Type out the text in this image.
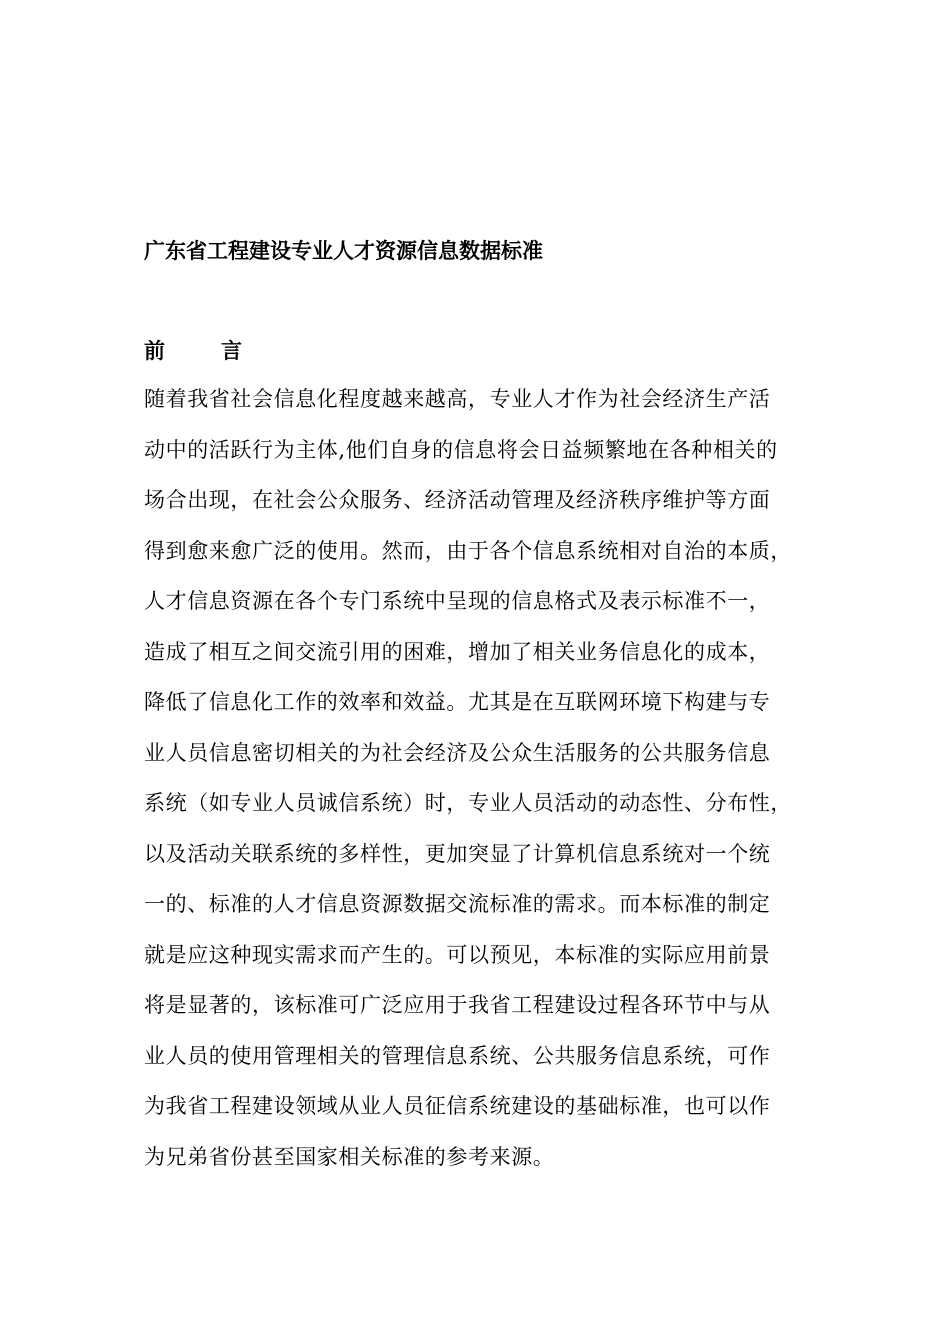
广东省工程建设专业人才资源信息数据标准
前言
随着我省社会信息化程度越来越高，专业人才作为社会经济生产活
动中的活跃行为主体,他们自身的信息将会日益频繁地在各种相关的
场合出现，在社会公众服务、经济活动管理及经济秩序维护等方面
得到愈来愈广泛的使用。然而，由于各个信息系统相对自治的本质，
人才信息资源在各个专门系统中呈现的信息格式及表示标准不一，
造成了相互之间交流引用的困难，增加了相关业务信息化的成本，
降低了信息化工作的效率和效益。尤其是在互联网环境下构建与专
业人员信息密切相关的为社会经济及公众生活服务的公共服务信息
系统（如专业人员诚信系统）时，专业人员活动的动态性、分布性，
以及活动关联系统的多样性，更加突显了计算机信息系统对一个统
一的、标准的人才信息资源数据交流标准的需求。而本标准的制定
就是应这种现实需求而产生的。可以预见，本标准的实际应用前景
将是显著的，该标准可广泛应用于我省工程建设过程各环节中与从
业人员的使用管理相关的管理信息系统、公共服务信息系统，可作
为我省工程建设领域从业人员征信系统建设的基础标准，也可以作
为兄弟省份甚至国家相关标准的参考来源。
